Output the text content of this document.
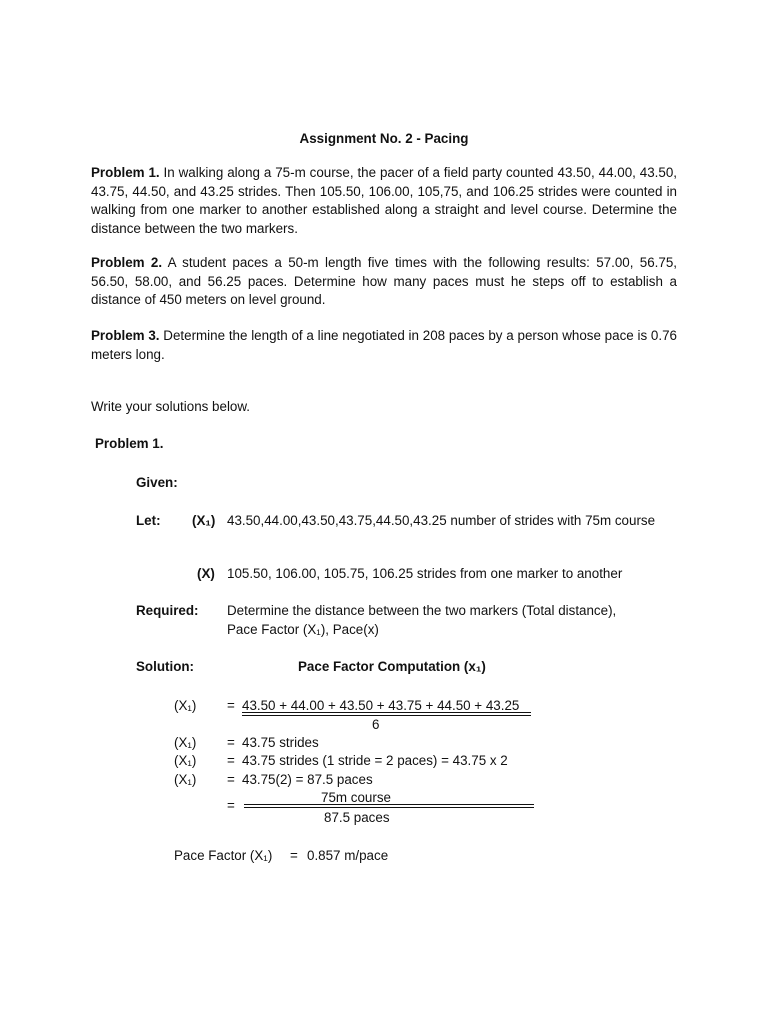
Assignment No. 2 - Pacing

Problem 1. In walking along a 75-m course, the pacer of a field party counted 43.50, 44.00, 43.50, 43.75, 44.50, and 43.25 strides. Then 105.50, 106.00, 105,75, and 106.25 strides were counted in walking from one marker to another established along a straight and level course. Determine the distance between the two markers.

Problem 2. A student paces a 50-m length five times with the following results: 57.00, 56.75, 56.50, 58.00, and 56.25 paces. Determine how many paces must he steps off to establish a distance of 450 meters on level ground.

Problem 3. Determine the length of a line negotiated in 208 paces by a person whose pace is 0.76 meters long.

Write your solutions below.
Problem 1.
Given:
Let: (X₁) 43.50,44.00,43.50,43.75,44.50,43.25 number of strides with 75m course
(X) 105.50, 106.00, 105.75, 106.25 strides from one marker to another
Required: Determine the distance between the two markers (Total distance),
Pace Factor (X₁), Pace(x)
Solution:	Pace Factor Computation (x₁)
(X₁) = 43.50 + 44.00 + 43.50 + 43.75 + 44.50 + 43.25
6
(X₁) = 43.75 strides
(X₁) = 43.75 strides (1 stride = 2 paces) = 43.75 x 2
(X₁) = 43.75(2) = 87.5 paces
=
75m course
87.5 paces
Pace Factor (X₁) = 0.857 m/pace
